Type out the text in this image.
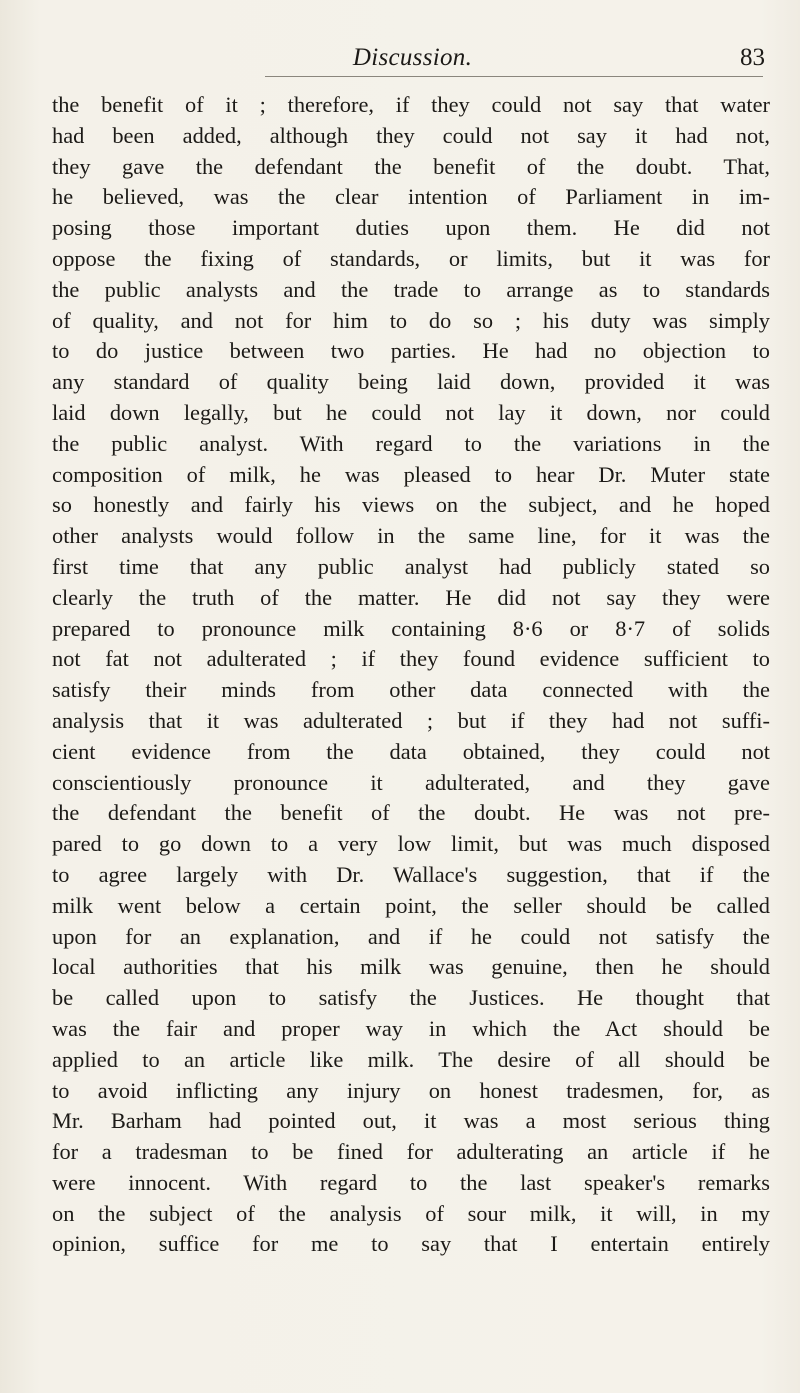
Discussion.	83
the benefit of it ; therefore, if they could not say that water
had been added, although they could not say it had not,
they gave the defendant the benefit of the doubt. That,
he believed, was the clear intention of Parliament in im-
posing those important duties upon them. He did not
oppose the fixing of standards, or limits, but it was for
the public analysts and the trade to arrange as to standards
of quality, and not for him to do so ; his duty was simply
to do justice between two parties. He had no objection to
any standard of quality being laid down, provided it was
laid down legally, but he could not lay it down, nor could
the public analyst. With regard to the variations in the
composition of milk, he was pleased to hear Dr. Muter state
so honestly and fairly his views on the subject, and he hoped
other analysts would follow in the same line, for it was the
first time that any public analyst had publicly stated so
clearly the truth of the matter. He did not say they were
prepared to pronounce milk containing 8·6 or 8·7 of solids
not fat not adulterated ; if they found evidence sufficient to
satisfy their minds from other data connected with the
analysis that it was adulterated ; but if they had not suffi-
cient evidence from the data obtained, they could not
conscientiously pronounce it adulterated, and they gave
the defendant the benefit of the doubt. He was not pre-
pared to go down to a very low limit, but was much disposed
to agree largely with Dr. Wallace's suggestion, that if the
milk went below a certain point, the seller should be called
upon for an explanation, and if he could not satisfy the
local authorities that his milk was genuine, then he should
be called upon to satisfy the Justices. He thought that
was the fair and proper way in which the Act should be
applied to an article like milk. The desire of all should be
to avoid inflicting any injury on honest tradesmen, for, as
Mr. Barham had pointed out, it was a most serious thing
for a tradesman to be fined for adulterating an article if he
were innocent. With regard to the last speaker's remarks
on the subject of the analysis of sour milk, it will, in my
opinion, suffice for me to say that I entertain entirely
